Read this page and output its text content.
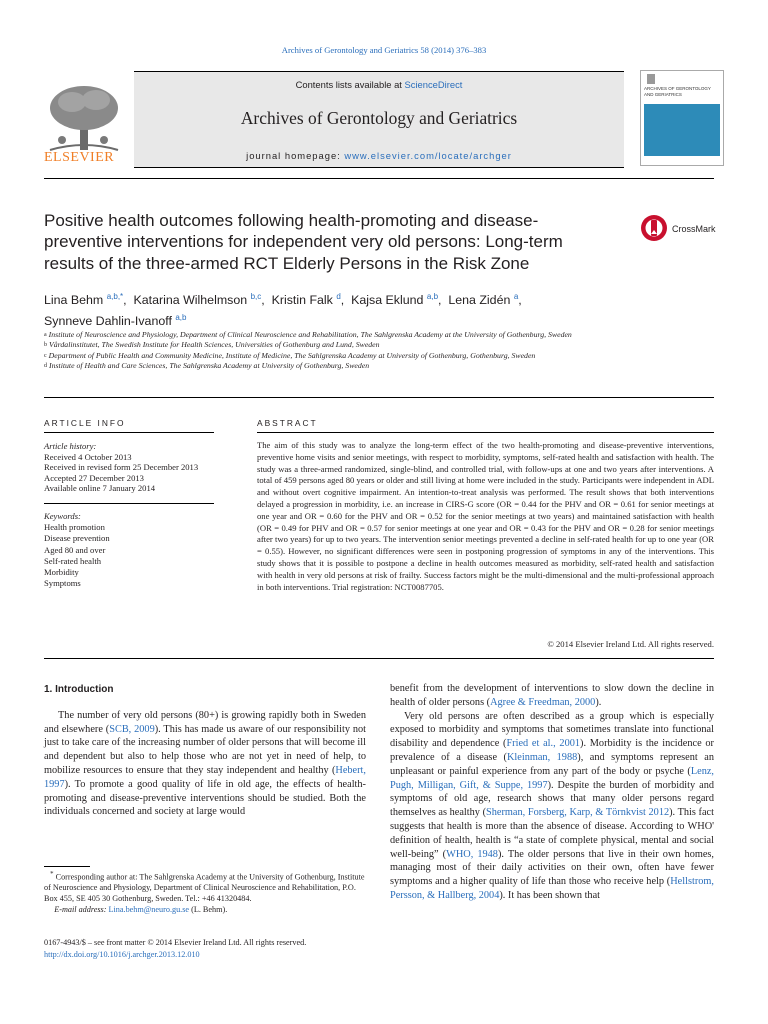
Archives of Gerontology and Geriatrics 58 (2014) 376–383
ELSEVIER
Contents lists available at ScienceDirect
Archives of Gerontology and Geriatrics
journal homepage: www.elsevier.com/locate/archger
ARCHIVES OF GERONTOLOGY AND GERIATRICS
Positive health outcomes following health-promoting and disease-
preventive interventions for independent very old persons: Long-term
results of the three-armed RCT Elderly Persons in the Risk Zone
CrossMark
Lina Behm $^{a,b,*}$,  Katarina Wilhelmson $^{b,c}$,  Kristin Falk $^d$,  Kajsa Eklund $^{a,b}$,  Lena Zidén $^a$,
Synneve Dahlin-Ivanoff $^{a,b}$
$^a$ Institute of Neuroscience and Physiology, Department of Clinical Neuroscience and Rehabilitation, The Sahlgrenska Academy at the University of Gothenburg, Sweden
$^b$ Vårdalinstitutet, The Swedish Institute for Health Sciences, Universities of Gothenburg and Lund, Sweden
$^c$ Department of Public Health and Community Medicine, Institute of Medicine, The Sahlgrenska Academy at University of Gothenburg, Gothenburg, Sweden
$^d$ Institute of Health and Care Sciences, The Sahlgrenska Academy at University of Gothenburg, Sweden
ARTICLE INFO	ABSTRACT
Article history:
Received 4 October 2013
Received in revised form 25 December 2013
Accepted 27 December 2013
Available online 7 January 2014
Keywords:
Health promotion
Disease prevention
Aged 80 and over
Self-rated health
Morbidity
Symptoms
The aim of this study was to analyze the long-term effect of the two health-promoting and disease-preventive interventions, preventive home visits and senior meetings, with respect to morbidity, symptoms, self-rated health and satisfaction with health. The study was a three-armed randomized, single-blind, and controlled trial, with follow-ups at one and two years after interventions. A total of 459 persons aged 80 years or older and still living at home were included in the study. Participants were independent in ADL and without overt cognitive impairment. An intention-to-treat analysis was performed. The result shows that both interventions delayed a progression in morbidity, i.e. an increase in CIRS-G score (OR = 0.44 for the PHV and OR = 0.61 for senior meetings at one year and OR = 0.60 for the PHV and OR = 0.52 for the senior meetings at two years) and maintained satisfaction with health (OR = 0.49 for PHV and OR = 0.57 for senior meetings at one year and OR = 0.43 for the PHV and OR = 0.28 for senior meetings after two years) for up to two years. The intervention senior meetings prevented a decline in self-rated health for up to one year (OR = 0.55). However, no significant differences were seen in postponing progression of symptoms in any of the interventions. This study shows that it is possible to postpone a decline in health outcomes measured as morbidity, self-rated health and satisfaction with health in very old persons at risk of frailty. Success factors might be the multi-dimensional and the multi-professional approach in both interventions. Trial registration: NCT0087705.
© 2014 Elsevier Ireland Ltd. All rights reserved.
1. Introduction

The number of very old persons (80+) is growing rapidly both in Sweden and elsewhere (SCB, 2009). This has made us aware of our responsibility not just to take care of the increasing number of older persons that will become ill and dependent but also to help those who are not yet in need of help, to mobilize resources to ensure that they stay independent and healthy (Hebert, 1997). To promote a good quality of life in old age, the effects of health-promoting and disease-preventive interventions should be studied. Both the individuals concerned and society at large would

benefit from the development of interventions to slow down the decline in health of older persons (Agree & Freedman, 2000).

Very old persons are often described as a group which is especially exposed to morbidity and symptoms that sometimes translate into functional disability and dependence (Fried et al., 2001). Morbidity is the incidence or prevalence of a disease (Kleinman, 1988), and symptoms represent an unpleasant or painful experience from any part of the body or psyche (Lenz, Pugh, Milligan, Gift, & Suppe, 1997). Despite the burden of morbidity and symptoms of old age, research shows that many older persons regard themselves as healthy (Sherman, Forsberg, Karp, & Törnkvist 2012). This fact suggests that health is more than the absence of disease. According to WHO' definition of health, health is “a state of complete physical, mental and social well-being” (WHO, 1948). The older persons that live in their own homes, managing most of their daily activities on their own, often have fewer symptoms and a higher quality of life than those who receive help (Hellstrom, Persson, & Hallberg, 2004). It has been shown that

* Corresponding author at: The Sahlgrenska Academy at the University of Gothenburg, Institute of Neuroscience and Physiology, Department of Clinical Neuroscience and Rehabilitation, P.O. Box 455, SE 405 30 Gothenburg, Sweden. Tel.: +46 41320484.
E-mail address: Lina.behm@neuro.gu.se (L. Behm).
0167-4943/$ – see front matter © 2014 Elsevier Ireland Ltd. All rights reserved.
http://dx.doi.org/10.1016/j.archger.2013.12.010
